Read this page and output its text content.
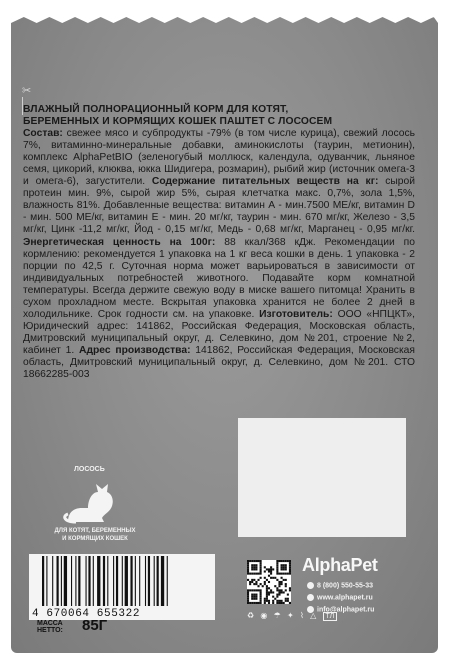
✂

ВЛАЖНЫЙ ПОЛНОРАЦИОННЫЙ КОРМ ДЛЯ КОТЯТ,
БЕРЕМЕННЫХ И КОРМЯЩИХ КОШЕК ПАШТЕТ С ЛОСОСЕМ

Состав: свежее мясо и субпродукты -79% (в том числе курица), свежий лосось 7%, витаминно-минеральные добавки, аминокислоты (таурин, метионин), комплекс AlphaPetBIO (зеленогубый моллюск, календула, одуванчик, льняное семя, цикорий, клюква, юкка Шидигера, розмарин), рыбий жир (источник омега-3 и омега-6), загустители. Содержание питательных веществ на кг: сырой протеин мин. 9%, сырой жир 5%, сырая клетчатка макс. 0,7%, зола 1,5%, влажность 81%. Добавленные вещества: витамин А - мин.7500 МЕ/кг, витамин D - мин. 500 МЕ/кг, витамин Е - мин. 20 мг/кг, таурин - мин. 670 мг/кг, Железо - 3,5 мг/кг, Цинк -11,2 мг/кг, Йод - 0,15 мг/кг, Медь - 0,68 мг/кг, Марганец - 0,95 мг/кг. Энергетическая ценность на 100г: 88 ккал/368 кДж. Рекомендации по кормлению: рекомендуется 1 упаковка на 1 кг веса кошки в день. 1 упаковка - 2 порции по 42,5 г. Суточная норма может варьироваться в зависимости от индивидуальных потребностей животного. Подавайте корм комнатной температуры. Всегда держите свежую воду в миске вашего питомца! Хранить в сухом прохладном месте. Вскрытая упаковка хранится не более 2 дней в холодильнике. Срок годности см. на упаковке. Изготовитель: ООО «НПЦКТ», Юридический адрес: 141862, Российская Федерация, Московская область, Дмитровский муниципальный округ, д. Селевкино, дом №201, строение №2, кабинет 1. Адрес производства: 141862, Российская Федерация, Московская область, Дмитровский муниципальный округ, д. Селевкино, дом №201. СТО 18662285-003

ЛОСОСЬ
ДЛЯ КОТЯТ, БЕРЕМЕННЫХ
И КОРМЯЩИХ КОШЕК
4 670064 655322
МАССА
НЕТТО: 85Г
AlphaPet
8 (800) 550-55-33
www.alphapet.ru
info@alphapet.ru
♻ ◉ ☂ ✦ ⌇ △ ТЛ
